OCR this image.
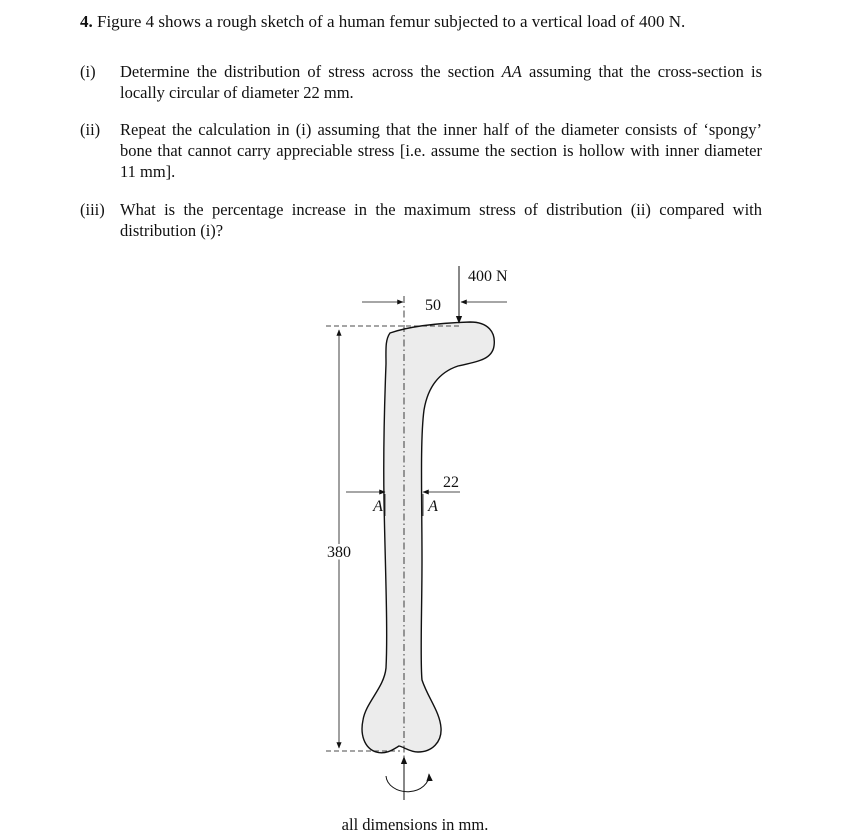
4. Figure 4 shows a rough sketch of a human femur subjected to a vertical load of 400 N.
(i)	Determine the distribution of stress across the section AA assuming that the cross-section is locally circular of diameter 22 mm.
(ii)	Repeat the calculation in (i) assuming that the inner half of the diameter consists of ‘spongy’ bone that cannot carry appreciable stress [i.e. assume the section is hollow with inner diameter 11 mm].
(iii) What is the percentage increase in the maximum stress of distribution (ii) compared with distribution (i)?
380
400 N
50
22
A	A
all dimensions in mm.
